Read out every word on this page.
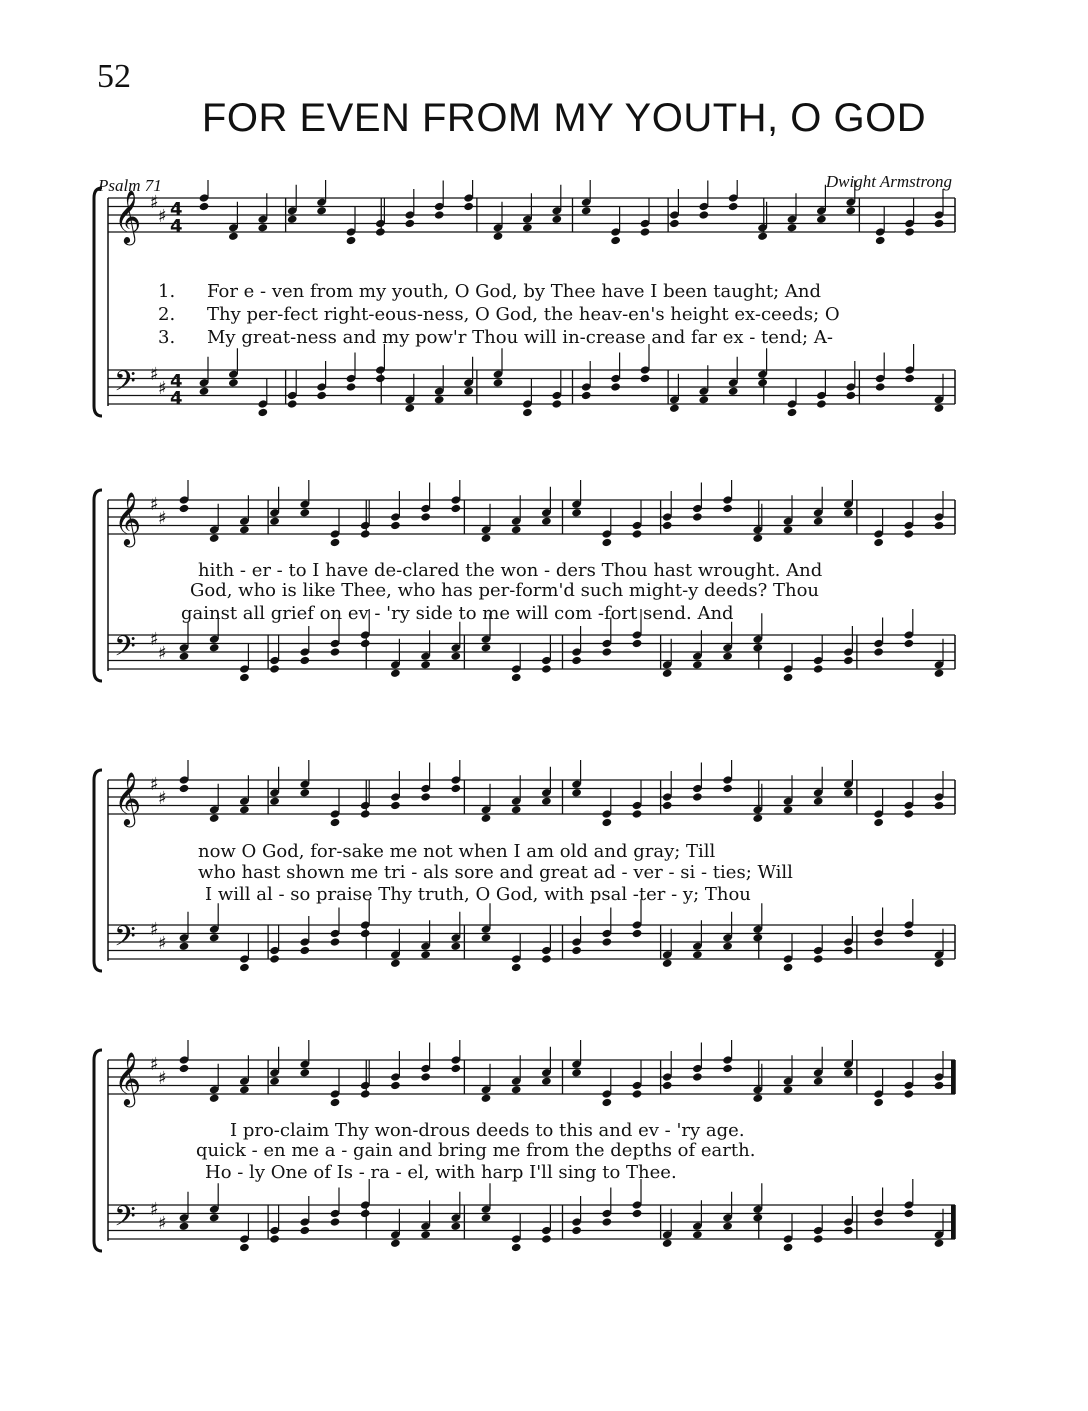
52
FOR EVEN FROM MY YOUTH, O GOD
Psalm 71	Dwight Armstrong
𝄞 ♯
♯ 4
4
𝄢 ♯
♯ 4
4
1.
2.
3.
For e - ven from my youth, O God, by Thee have I been taught; And
Thy per-fect right-eous-ness, O God, the heav-en's height ex-ceeds; O
My great-ness and my pow'r Thou will in-crease and far ex - tend; A-
𝄞 ♯
♯
𝄢 ♯
♯
hith - er - to I have de-clared the won - ders Thou hast wrought. And
God, who is like Thee, who has per-form'd such might-y deeds? Thou
gainst all grief on ev - 'ry side to me will com -fort send. And
𝄞 ♯
♯
𝄢 ♯
♯
now O God, for-sake me not when I am old and gray; Till
who hast shown me tri - als sore and great ad - ver - si - ties; Will
I will al - so praise Thy truth, O God, with psal -ter - y; Thou
𝄞 ♯
♯
𝄢 ♯
♯
I pro-claim Thy won-drous deeds to this and ev - 'ry age.
quick - en me a - gain and bring me from the depths of earth.
Ho - ly One of Is - ra - el, with harp I'll sing to Thee.
